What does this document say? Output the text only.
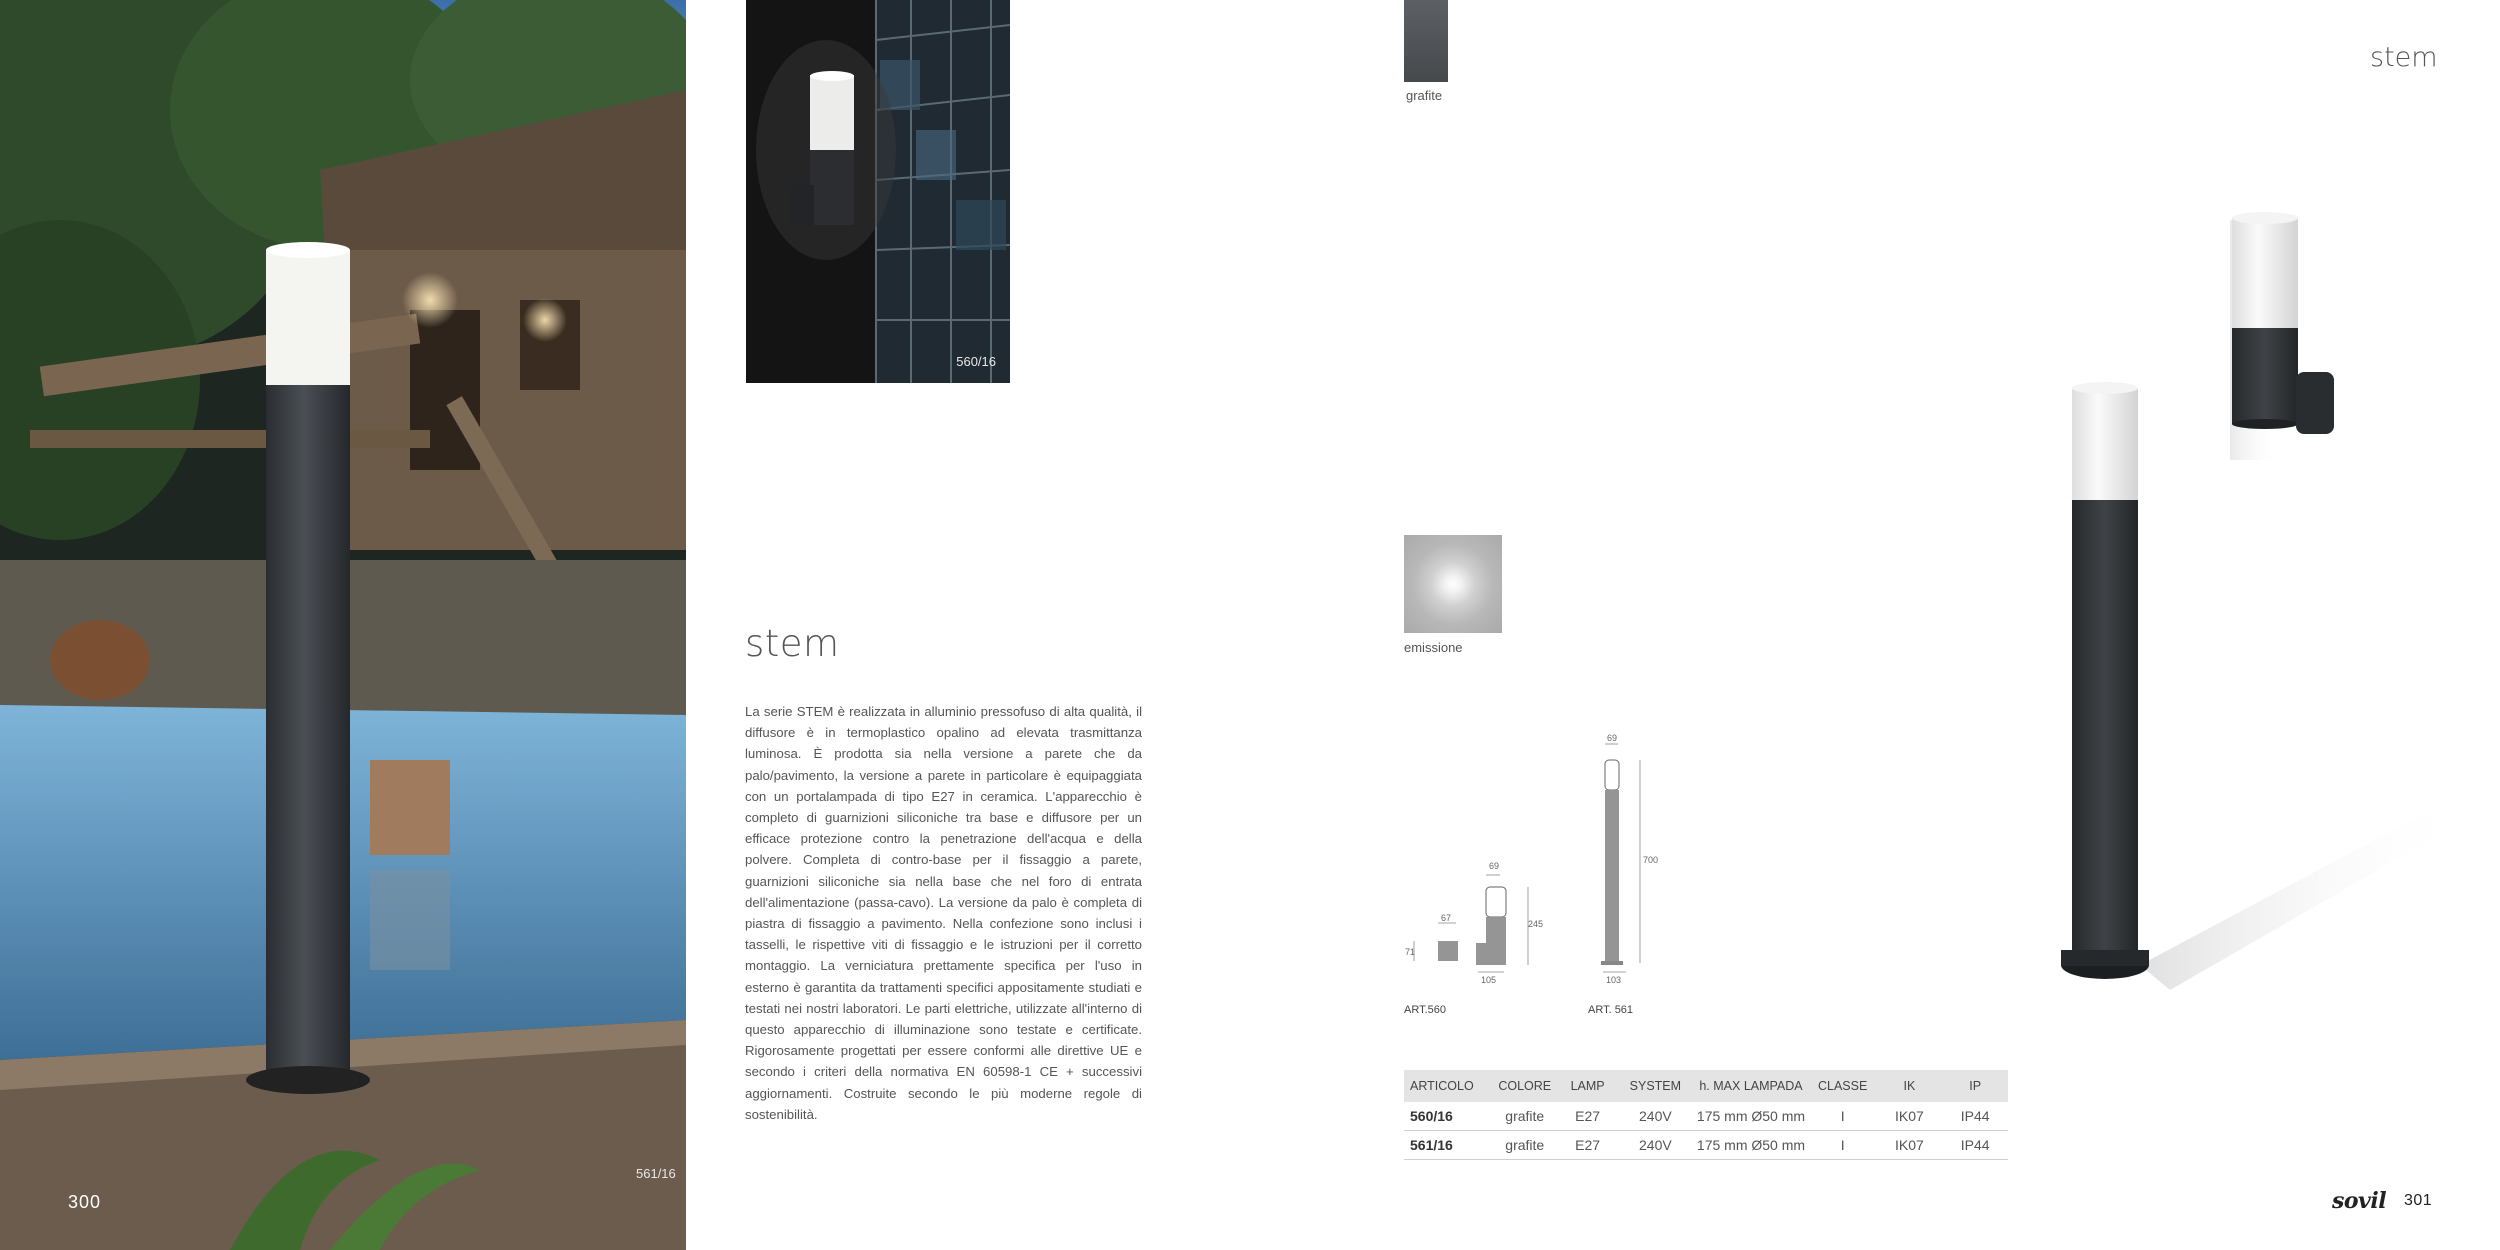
300
561/16
560/16
stem
La serie STEM è realizzata in alluminio pressofuso di alta qualità, il diffusore è in termoplastico opalino ad elevata trasmittanza luminosa. È prodotta sia nella versione a parete che da palo/pavimento, la versione a parete in particolare è equipaggiata con un portalampada di tipo E27 in ceramica. L'apparecchio è completo di guarnizioni siliconiche tra base e diffusore per un efficace protezione contro la penetrazione dell'acqua e della polvere. Completa di contro-base per il fissaggio a parete, guarnizioni siliconiche sia nella base che nel foro di entrata dell'alimentazione (passa-cavo). La versione da palo è completa di piastra di fissaggio a pavimento. Nella confezione sono inclusi i tasselli, le rispettive viti di fissaggio e le istruzioni per il corretto montaggio. La verniciatura prettamente specifica per l'uso in esterno è garantita da trattamenti specifici appositamente studiati e testati nei nostri laboratori. Le parti elettriche, utilizzate all'interno di questo apparecchio di illuminazione sono testate e certificate. Rigorosamente progettati per essere conformi alle direttive UE e secondo i criteri della normativa EN 60598-1 CE + successivi aggiornamenti. Costruite secondo le più moderne regole di sostenibilità.
grafite
emissione
71
67
69
245
105
69
700
103
ART.560	ART. 561
ARTICOLO	COLORE	LAMP	SYSTEM	h. MAX LAMPADA	CLASSE	IK	IP
560/16	grafite	E27	240V	175 mm Ø50 mm	I	IK07	IP44
561/16	grafite	E27	240V	175 mm Ø50 mm	I	IK07	IP44
stem
sovil 301
